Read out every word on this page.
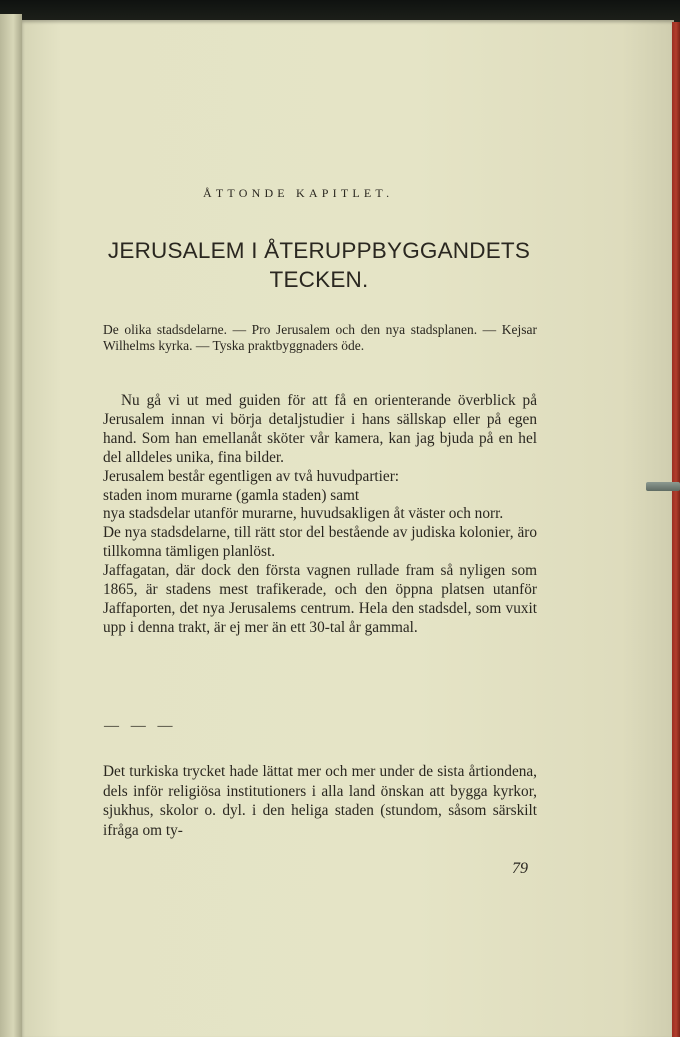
ÅTTONDE KAPITLET.
JERUSALEM I ÅTERUPPBYGGANDETS
TECKEN.
De olika stadsdelarne. — Pro Jerusalem och den nya stadsplanen. — Kejsar Wilhelms kyrka. — Tyska praktbyggnaders öde.

Nu gå vi ut med guiden för att få en orienterande överblick på Jerusalem innan vi börja detaljstudier i hans sällskap eller på egen hand. Som han emellanåt sköter vår kamera, kan jag bjuda på en hel del alldeles unika, fina bilder.

Jerusalem består egentligen av två huvudpartier:

staden inom murarne (gamla staden) samt

nya stadsdelar utanför murarne, huvudsakligen åt väster och norr.

De nya stadsdelarne, till rätt stor del bestående av judiska kolonier, äro tillkomna tämligen planlöst.

Jaffagatan, där dock den första vagnen rullade fram så nyligen som 1865, är stadens mest trafikerade, och den öppna platsen utanför Jaffaporten, det nya Jerusalems centrum. Hela den stadsdel, som vuxit upp i denna trakt, är ej mer än ett 30-tal år gammal.

— — —
Det turkiska trycket hade lättat mer och mer under de sista årtiondena, dels inför religiösa institutioners i alla land önskan att bygga kyrkor, sjukhus, skolor o. dyl. i den heliga staden (stundom, såsom särskilt ifråga om ty-
79
